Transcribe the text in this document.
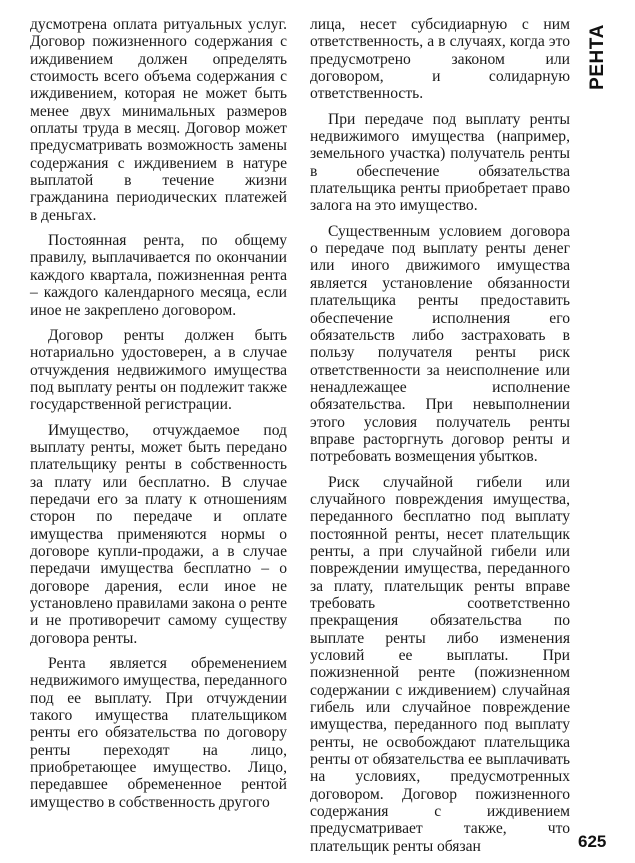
дусмотрена оплата ритуальных услуг. Договор пожизненного содержания с иждивением должен определять стоимость всего объема содержания с иждивением, которая не может быть менее двух минимальных размеров оплаты труда в месяц. Договор может предусматривать возможность замены содержания с иждивением в натуре выплатой в течение жизни гражданина периодических платежей в деньгах.

Постоянная рента, по общему правилу, выплачивается по окончании каждого квартала, пожизненная рента – каждого календарного месяца, если иное не закреплено договором.

Договор ренты должен быть нотариально удостоверен, а в случае отчуждения недвижимого имущества под выплату ренты он подлежит также государственной регистрации.

Имущество, отчуждаемое под выплату ренты, может быть передано плательщику ренты в собственность за плату или бесплатно. В случае передачи его за плату к отношениям сторон по передаче и оплате имущества применяются нормы о договоре купли-продажи, а в случае передачи имущества бесплатно – о договоре дарения, если иное не установлено правилами закона о ренте и не противоречит самому существу договора ренты.

Рента является обременением недвижимого имущества, переданного под ее выплату. При отчуждении такого имущества плательщиком ренты его обязательства по договору ренты переходят на лицо, приобретающее имущество. Лицо, передавшее обремененное рентой имущество в собственность другого

лица, несет субсидиарную с ним ответственность, а в случаях, когда это предусмотрено законом или договором, и солидарную ответственность.

При передаче под выплату ренты недвижимого имущества (например, земельного участка) получатель ренты в обеспечение обязательства плательщика ренты приобретает право залога на это имущество.

Существенным условием договора о передаче под выплату ренты денег или иного движимого имущества является установление обязанности плательщика ренты предоставить обеспечение исполнения его обязательств либо застраховать в пользу получателя ренты риск ответственности за неисполнение или ненадлежащее исполнение обязательства. При невыполнении этого условия получатель ренты вправе расторгнуть договор ренты и потребовать возмещения убытков.

Риск случайной гибели или случайного повреждения имущества, переданного бесплатно под выплату постоянной ренты, несет плательщик ренты, а при случайной гибели или повреждении имущества, переданного за плату, плательщик ренты вправе требовать соответственно прекращения обязательства по выплате ренты либо изменения условий ее выплаты. При пожизненной ренте (пожизненном содержании с иждивением) случайная гибель или случайное повреждение имущества, переданного под выплату ренты, не освобождают плательщика ренты от обязательства ее выплачивать на условиях, предусмотренных договором. Договор пожизненного содержания с иждивением предусматривает также, что плательщик ренты обязан

РЕНТА
625
